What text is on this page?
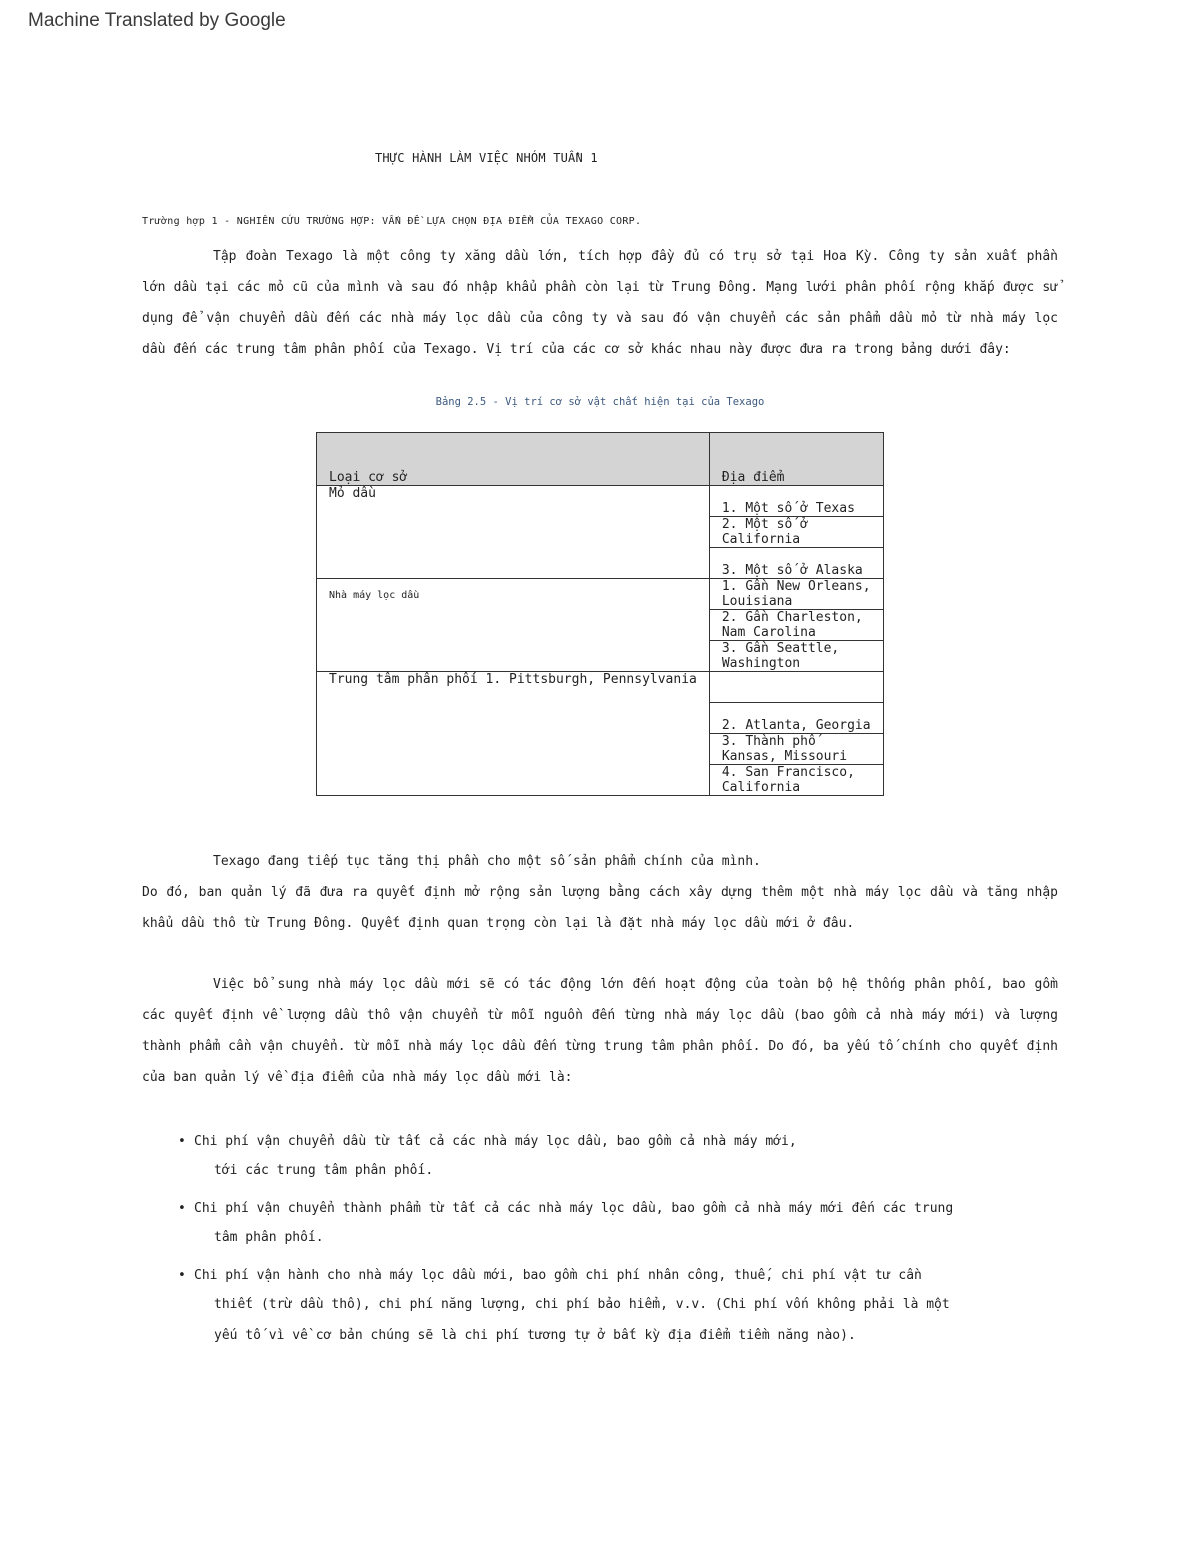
Machine Translated by Google
THỰC HÀNH LÀM VIỆC NHÓM TUẦN 1
Trường hợp 1 - NGHIÊN CỨU TRƯỜNG HỢP: VẤN ĐỀ LỰA CHỌN ĐỊA ĐIỂM CỦA TEXAGO CORP.

Tập đoàn Texago là một công ty xăng dầu lớn, tích hợp đầy đủ có trụ sở tại Hoa Kỳ. Công ty sản xuất phần lớn dầu tại các mỏ cũ của mình và sau đó nhập khẩu phần còn lại từ Trung Đông. Mạng lưới phân phối rộng khắp được sử dụng để vận chuyển dầu đến các nhà máy lọc dầu của công ty và sau đó vận chuyển các sản phẩm dầu mỏ từ nhà máy lọc dầu đến các trung tâm phân phối của Texago. Vị trí của các cơ sở khác nhau này được đưa ra trong bảng dưới đây:

Bảng 2.5 - Vị trí cơ sở vật chất hiện tại của Texago
Loại cơ sở	Địa điểm
Mỏ dầu	1. Một số ở Texas
	2. Một số ở California
	3. Một số ở Alaska
Nhà máy lọc dầu	1. Gần New Orleans, Louisiana
	2. Gần Charleston, Nam Carolina
	3. Gần Seattle, Washington
Trung tâm phân phối 1. Pittsburgh, Pennsylvania	
	2. Atlanta, Georgia
	3. Thành phố Kansas, Missouri
	4. San Francisco, California
Texago đang tiếp tục tăng thị phần cho một số sản phẩm chính của mình.
Do đó, ban quản lý đã đưa ra quyết định mở rộng sản lượng bằng cách xây dựng thêm một nhà máy lọc dầu và tăng nhập khẩu dầu thô từ Trung Đông. Quyết định quan trọng còn lại là đặt nhà máy lọc dầu mới ở đâu.

Việc bổ sung nhà máy lọc dầu mới sẽ có tác động lớn đến hoạt động của toàn bộ hệ thống phân phối, bao gồm các quyết định về lượng dầu thô vận chuyển từ mỗi nguồn đến từng nhà máy lọc dầu (bao gồm cả nhà máy mới) và lượng thành phẩm cần vận chuyển. từ mỗi nhà máy lọc dầu đến từng trung tâm phân phối. Do đó, ba yếu tố chính cho quyết định của ban quản lý về địa điểm của nhà máy lọc dầu mới là:

• Chi phí vận chuyển dầu từ tất cả các nhà máy lọc dầu, bao gồm cả nhà máy mới,
tới các trung tâm phân phối.
• Chi phí vận chuyển thành phẩm từ tất cả các nhà máy lọc dầu, bao gồm cả nhà máy mới đến các trung
tâm phân phối.
• Chi phí vận hành cho nhà máy lọc dầu mới, bao gồm chi phí nhân công, thuế, chi phí vật tư cần
thiết (trừ dầu thô), chi phí năng lượng, chi phí bảo hiểm, v.v. (Chi phí vốn không phải là một yếu tố vì về cơ bản chúng sẽ là chi phí tương tự ở bất kỳ địa điểm tiềm năng nào).
